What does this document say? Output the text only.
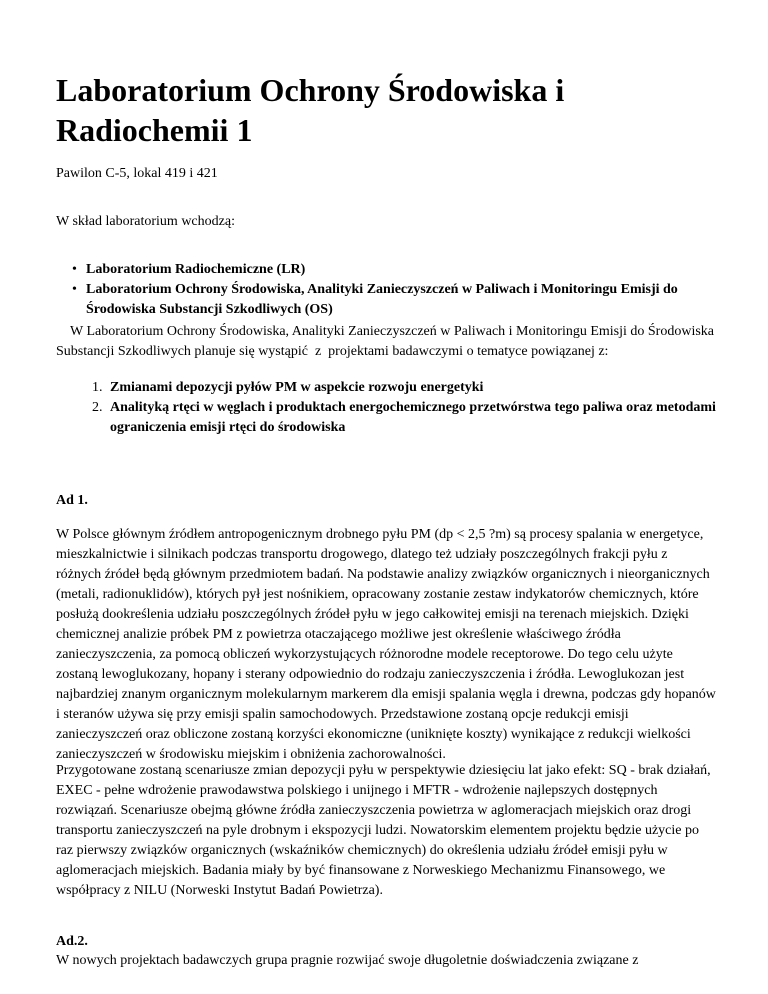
Laboratorium Ochrony Środowiska i Radiochemii 1

Pawilon C-5, lokal 419 i 421

W skład laboratorium wchodzą:

• Laboratorium Radiochemiczne (LR)
• Laboratorium Ochrony Środowiska, Analityki Zanieczyszczeń w Paliwach i Monitoringu Emisji do Środowiska Substancji Szkodliwych (OS)

W Laboratorium Ochrony Środowiska, Analityki Zanieczyszczeń w Paliwach i Monitoringu Emisji do Środowiska Substancji Szkodliwych planuje się wystąpić  z  projektami badawczymi o tematyce powiązanej z:

1. Zmianami depozycji pyłów PM w aspekcie rozwoju energetyki
2. Analityką rtęci w węglach i produktach energochemicznego przetwórstwa tego paliwa oraz metodami ograniczenia emisji rtęci do środowiska

Ad 1.

W Polsce głównym źródłem antropogenicznym drobnego pyłu PM (dp < 2,5 ?m) są procesy spalania w energetyce, mieszkalnictwie i silnikach podczas transportu drogowego, dlatego też udziały poszczególnych frakcji pyłu z różnych źródeł będą głównym przedmiotem badań. Na podstawie analizy związków organicznych i nieorganicznych (metali, radionuklidów), których pył jest nośnikiem, opracowany zostanie zestaw indykatorów chemicznych, które posłużą dookreślenia udziału poszczególnych źródeł pyłu w jego całkowitej emisji na terenach miejskich. Dzięki chemicznej analizie próbek PM z powietrza otaczającego możliwe jest określenie właściwego źródła zanieczyszczenia, za pomocą obliczeń wykorzystujących różnorodne modele receptorowe. Do tego celu użyte zostaną lewoglukozany, hopany i sterany odpowiednio do rodzaju zanieczyszczenia i źródła. Lewoglukozan jest najbardziej znanym organicznym molekularnym markerem dla emisji spalania węgla i drewna, podczas gdy hopanów i steranów używa się przy emisji spalin samochodowych. Przedstawione zostaną opcje redukcji emisji zanieczyszczeń oraz obliczone zostaną korzyści ekonomiczne (uniknięte koszty) wynikające z redukcji wielkości zanieczyszczeń w środowisku miejskim i obniżenia zachorowalności.

Przygotowane zostaną scenariusze zmian depozycji pyłu w perspektywie dziesięciu lat jako efekt: SQ - brak działań, EXEC - pełne wdrożenie prawodawstwa polskiego i unijnego i MFTR - wdrożenie najlepszych dostępnych rozwiązań. Scenariusze obejmą główne źródła zanieczyszczenia powietrza w aglomeracjach miejskich oraz drogi transportu zanieczyszczeń na pyle drobnym i ekspozycji ludzi. Nowatorskim elementem projektu będzie użycie po raz pierwszy związków organicznych (wskaźników chemicznych) do określenia udziału źródeł emisji pyłu w aglomeracjach miejskich. Badania miały by być finansowane z Norweskiego Mechanizmu Finansowego, we współpracy z NILU (Norweski Instytut Badań Powietrza).

Ad.2.

W nowych projektach badawczych grupa pragnie rozwijać swoje długoletnie doświadczenia związane z
